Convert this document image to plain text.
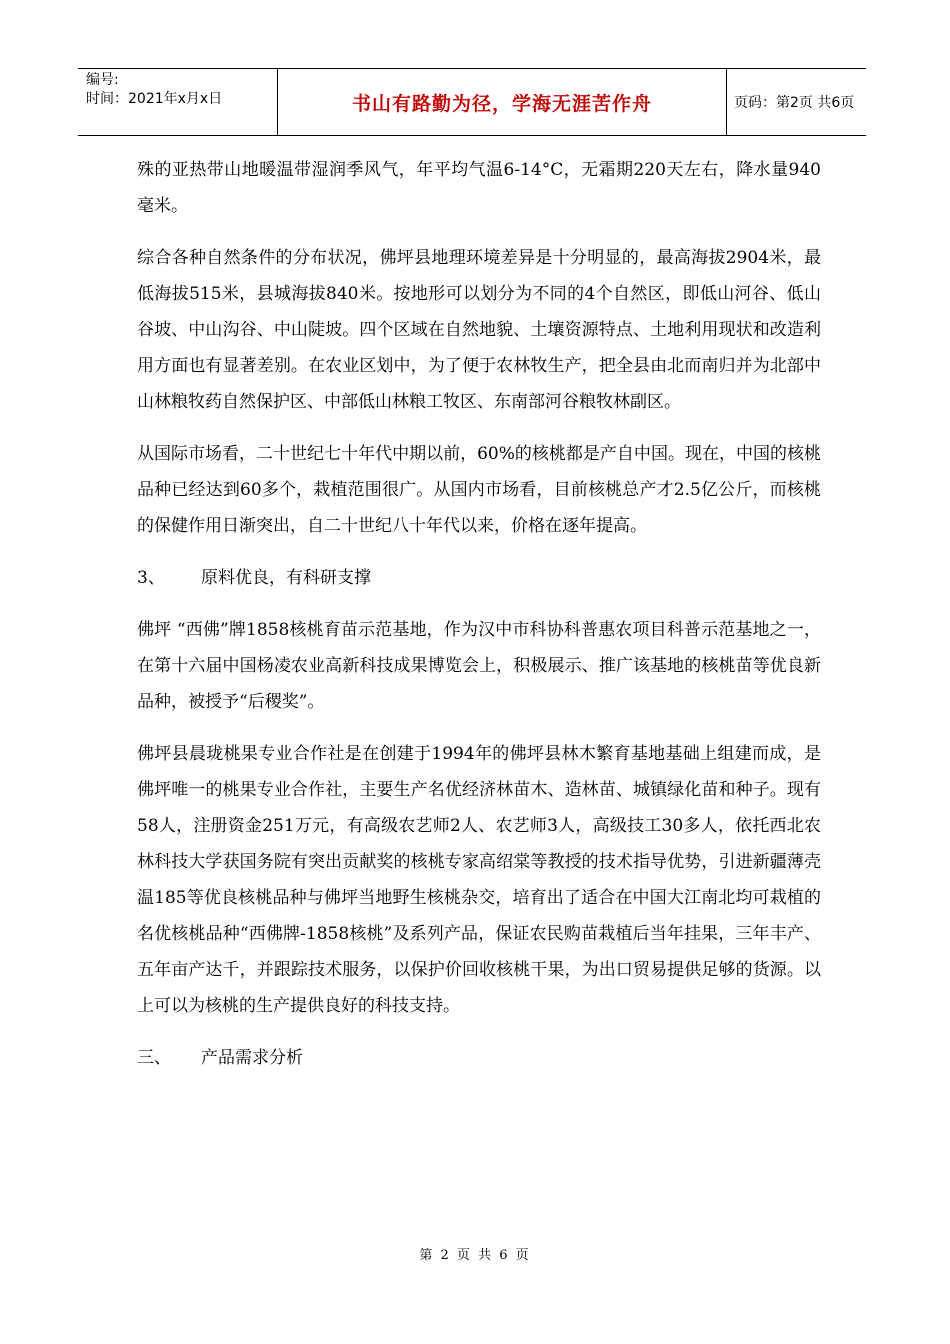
编号:
时间：2021年x月x日	书山有路勤为径，学海无涯苦作舟	页码：第2页 共6页

殊的亚热带山地暖温带湿润季风气，年平均气温6-14°C，无霜期220天左右，降水量940毫米。

综合各种自然条件的分布状况，佛坪县地理环境差异是十分明显的，最高海拔2904米，最低海拔515米，县城海拔840米。按地形可以划分为不同的4个自然区，即低山河谷、低山谷坡、中山沟谷、中山陡坡。四个区域在自然地貌、土壤资源特点、土地利用现状和改造利用方面也有显著差别。在农业区划中，为了便于农林牧生产，把全县由北而南归并为北部中山林粮牧药自然保护区、中部低山林粮工牧区、东南部河谷粮牧林副区。

从国际市场看，二十世纪七十年代中期以前，60%的核桃都是产自中国。现在，中国的核桃品种已经达到60多个，栽植范围很广。从国内市场看，目前核桃总产才2.5亿公斤，而核桃的保健作用日渐突出，自二十世纪八十年代以来，价格在逐年提高。

3、	原料优良，有科研支撑

佛坪 “西佛”牌1858核桃育苗示范基地，作为汉中市科协科普惠农项目科普示范基地之一，在第十六届中国杨凌农业高新科技成果博览会上，积极展示、推广该基地的核桃苗等优良新品种，被授予“后稷奖”。

佛坪县晨珑桃果专业合作社是在创建于1994年的佛坪县林木繁育基地基础上组建而成，是佛坪唯一的桃果专业合作社，主要生产名优经济林苗木、造林苗、城镇绿化苗和种子。现有58人，注册资金251万元，有高级农艺师2人、农艺师3人，高级技工30多人，依托西北农林科技大学获国务院有突出贡献奖的核桃专家高绍棠等教授的技术指导优势，引进新疆薄壳温185等优良核桃品种与佛坪当地野生核桃杂交，培育出了适合在中国大江南北均可栽植的名优核桃品种“西佛牌-1858核桃”及系列产品，保证农民购苗栽植后当年挂果，三年丰产、五年亩产达千，并跟踪技术服务，以保护价回收核桃干果，为出口贸易提供足够的货源。以上可以为核桃的生产提供良好的科技支持。

三、	产品需求分析
第 2 页 共 6 页
